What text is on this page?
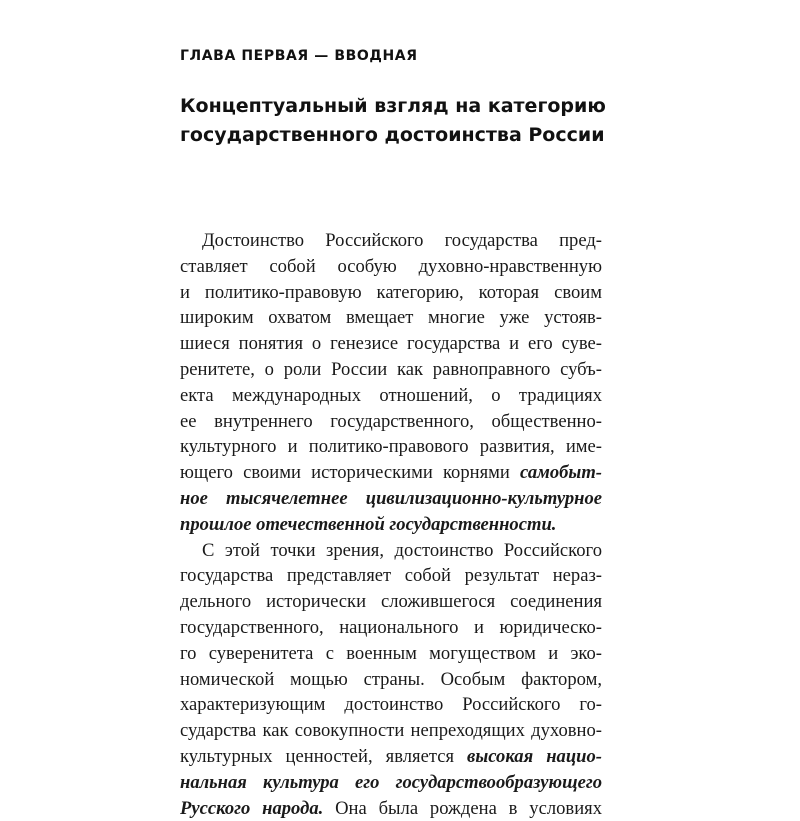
ГЛАВА ПЕРВАЯ — ВВОДНАЯ
Концептуальный взгляд на категорию
государственного достоинства России
Достоинство Российского государства пред-
ставляет собой особую духовно-нравственную
и политико-правовую категорию, которая своим
широким охватом вмещает многие уже устояв-
шиеся понятия о генезисе государства и его суве-
ренитете, о роли России как равноправного субъ-
екта международных отношений, о традициях
ее внутреннего государственного, общественно-
культурного и политико-правового развития, име-
ющего своими историческими корнями самобыт-
ное тысячелетнее цивилизационно-культурное
прошлое отечественной государственности.
С этой точки зрения, достоинство Российского
государства представляет собой результат нераз-
дельного исторически сложившегося соединения
государственного, национального и юридическо-
го суверенитета с военным могуществом и эко-
номической мощью страны. Особым фактором,
характеризующим достоинство Российского го-
сударства как совокупности непреходящих духовно-
культурных ценностей, является высокая нацио-
нальная культура его государствообразующего
Русского народа. Она была рождена в условиях
